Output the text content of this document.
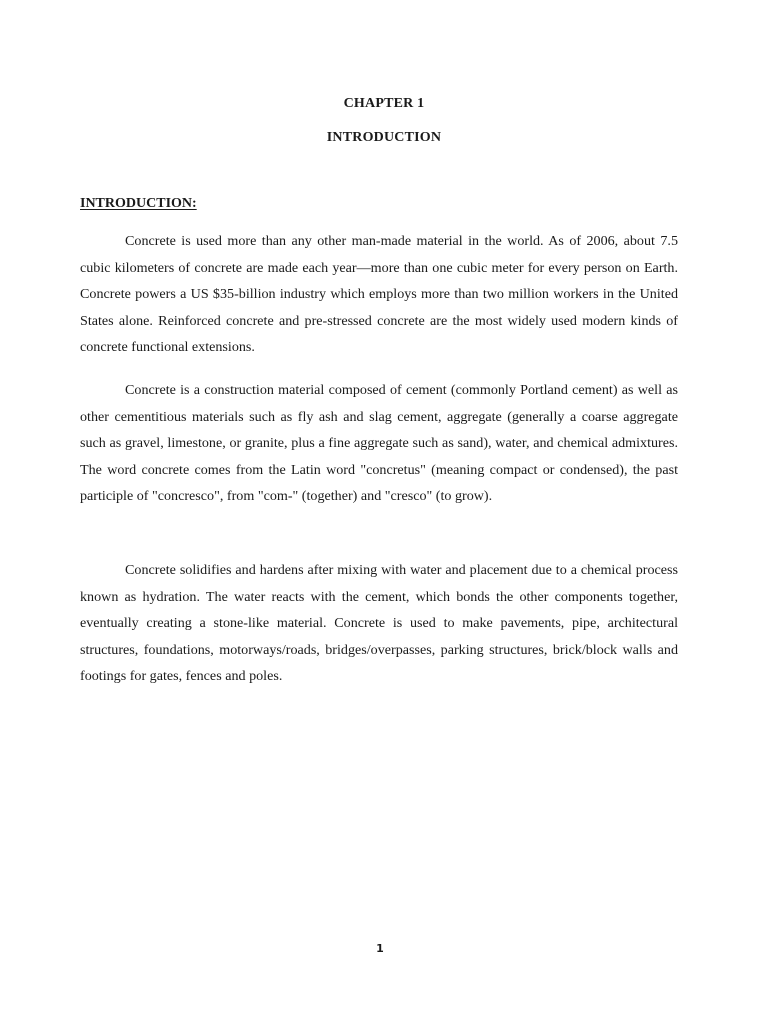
CHAPTER 1
INTRODUCTION
INTRODUCTION:

Concrete is used more than any other man-made material in the world. As of 2006, about 7.5 cubic kilometers of concrete are made each year—more than one cubic meter for every person on Earth. Concrete powers a US $35-billion industry which employs more than two million workers in the United States alone. Reinforced concrete and pre-stressed concrete are the most widely used modern kinds of concrete functional extensions.

Concrete is a construction material composed of cement (commonly Portland cement) as well as other cementitious materials such as fly ash and slag cement, aggregate (generally a coarse aggregate such as gravel, limestone, or granite, plus a fine aggregate such as sand), water, and chemical admixtures. The word concrete comes from the Latin word "concretus" (meaning compact or condensed), the past participle of "concresco", from "com-" (together) and "cresco" (to grow).

Concrete solidifies and hardens after mixing with water and placement due to a chemical process known as hydration. The water reacts with the cement, which bonds the other components together, eventually creating a stone-like material. Concrete is used to make pavements, pipe, architectural structures, foundations, motorways/roads, bridges/overpasses, parking structures, brick/block walls and footings for gates, fences and poles.

1
